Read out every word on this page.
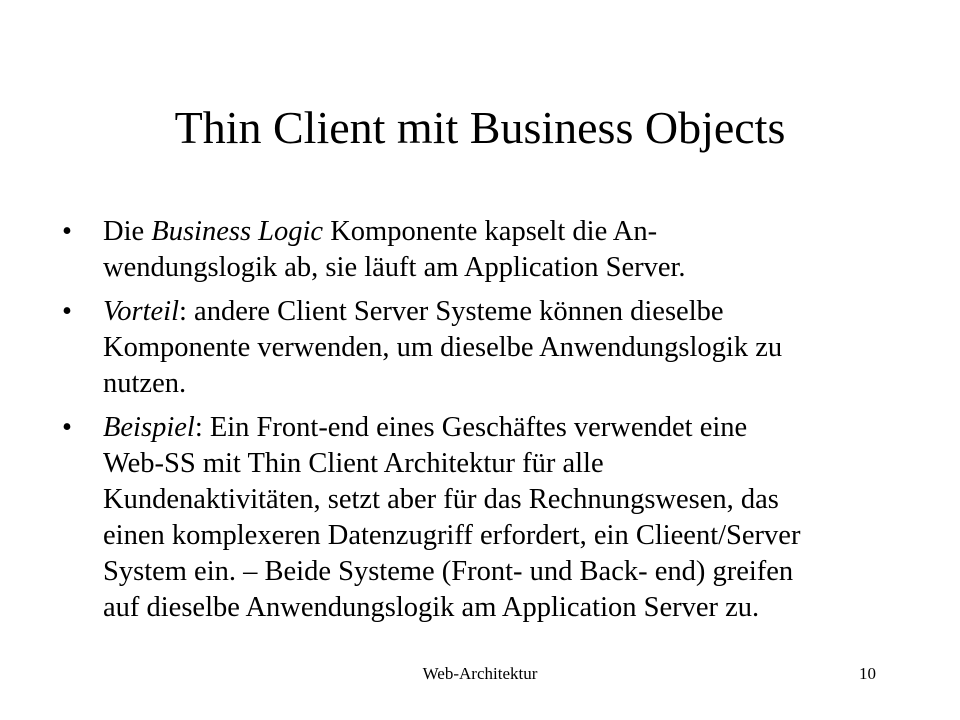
Thin Client mit Business Objects
• Die Business Logic Komponente kapselt die An-
wendungslogik ab, sie läuft am Application Server.
• Vorteil: andere Client Server Systeme können dieselbe
Komponente verwenden, um dieselbe Anwendungslogik zu
nutzen.
• Beispiel: Ein Front-end eines Geschäftes verwendet eine
Web-SS mit Thin Client Architektur für alle
Kundenaktivitäten, setzt aber für das Rechnungswesen, das
einen komplexeren Datenzugriff erfordert, ein Clieent/Server
System ein. – Beide Systeme (Front- und Back- end) greifen
auf dieselbe Anwendungslogik am Application Server zu.
Web-Architektur	10
